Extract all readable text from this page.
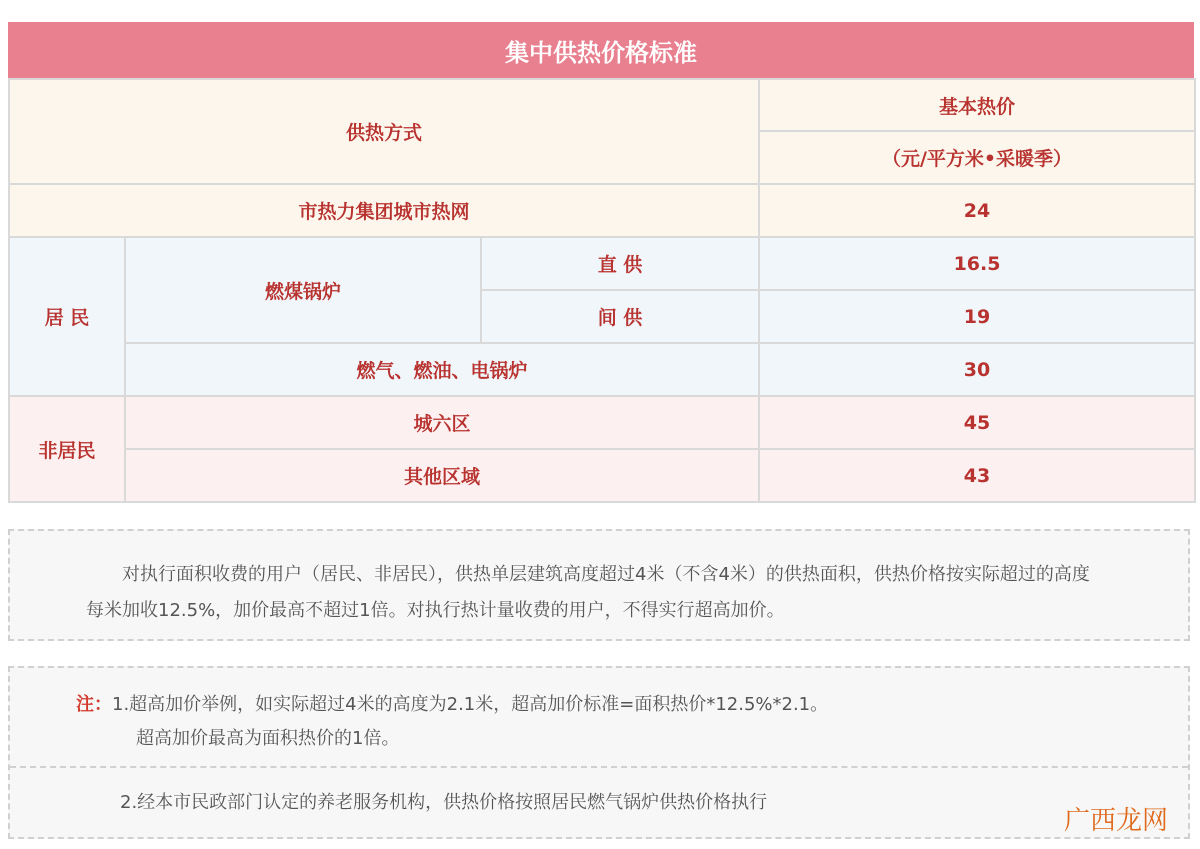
集中供热价格标准
供热方式			基本热价
			（元/平方米•采暖季）
市热力集团城市热网			24
居 民	燃煤锅炉	直 供	16.5
		间 供	19
	燃气、燃油、电锅炉		30
非居民	城六区		45
	其他区域		43

对执行面积收费的用户（居民、非居民），供热单层建筑高度超过4米（不含4米）的供热面积，供热价格按实际超过的高度每米加收12.5%，加价最高不超过1倍。对执行热计量收费的用户，不得实行超高加价。

注：1.超高加价举例，如实际超过4米的高度为2.1米，超高加价标准=面积热价*12.5%*2.1。
超高加价最高为面积热价的1倍。
2.经本市民政部门认定的养老服务机构，供热价格按照居民燃气锅炉供热价格执行
广西龙网
